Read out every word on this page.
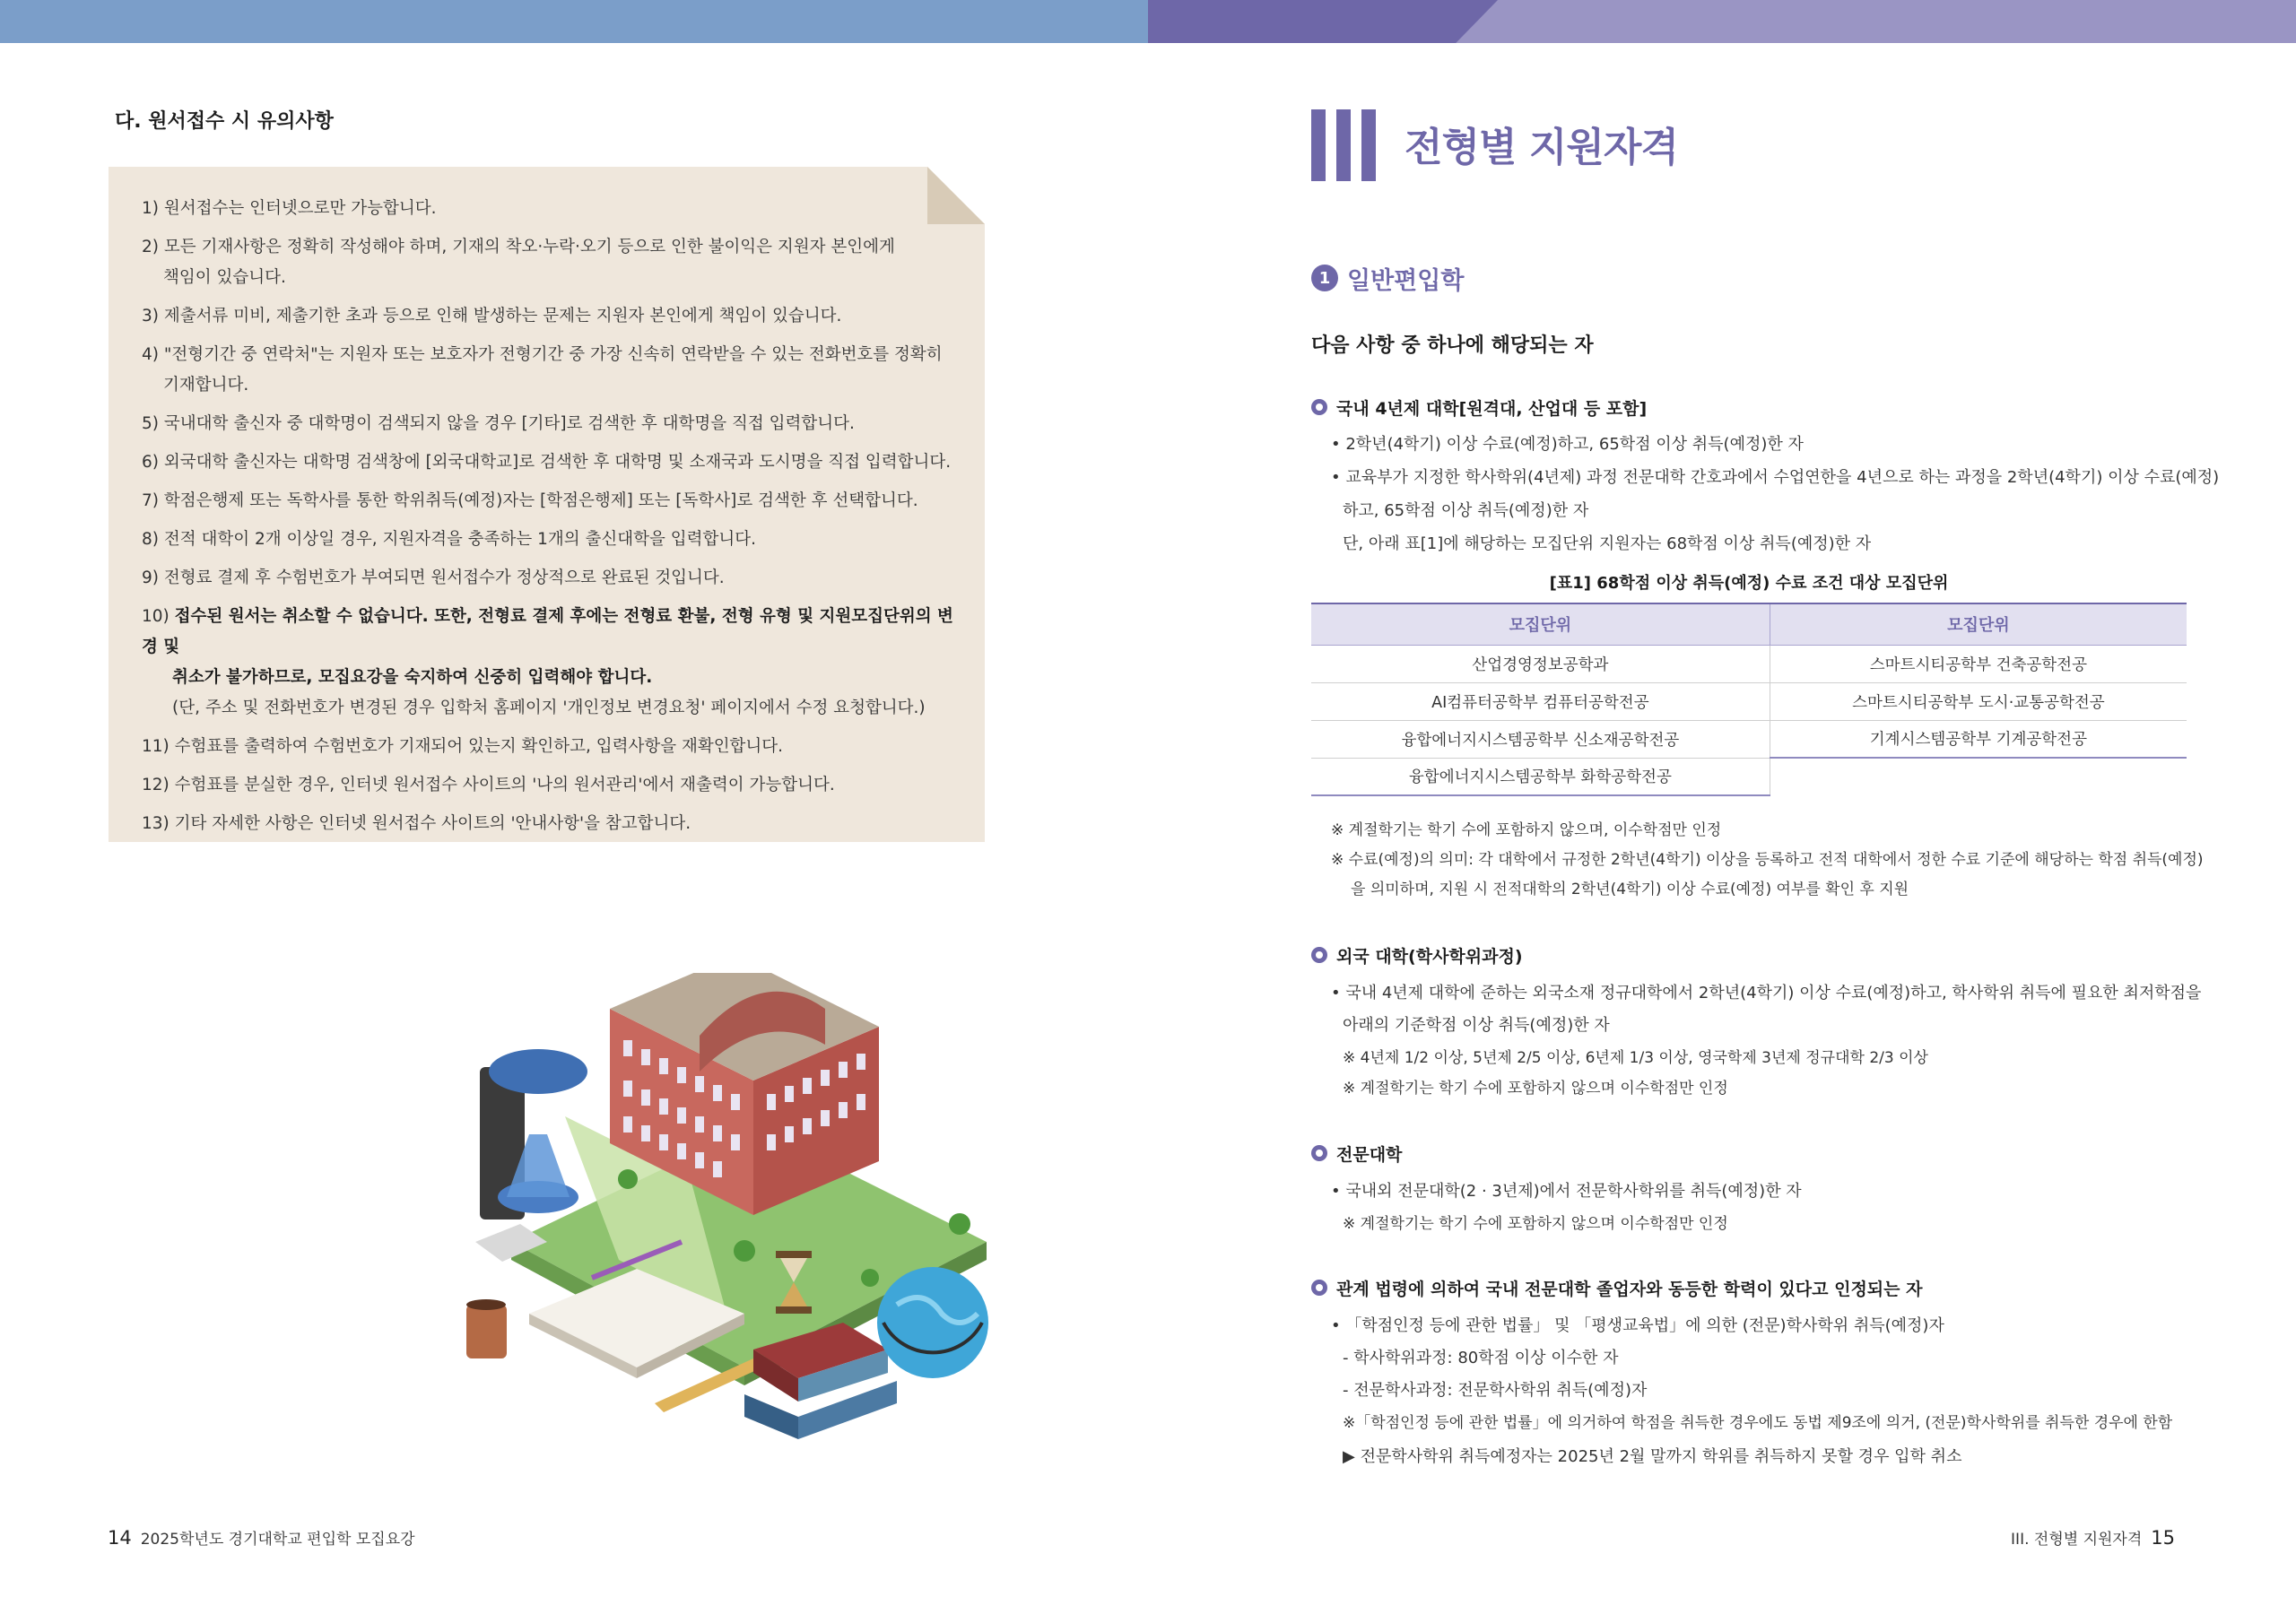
다. 원서접수 시 유의사항
1) 원서접수는 인터넷으로만 가능합니다.
2) 모든 기재사항은 정확히 작성해야 하며, 기재의 착오·누락·오기 등으로 인한 불이익은 지원자 본인에게
책임이 있습니다.
3) 제출서류 미비, 제출기한 초과 등으로 인해 발생하는 문제는 지원자 본인에게 책임이 있습니다.
4) "전형기간 중 연락처"는 지원자 또는 보호자가 전형기간 중 가장 신속히 연락받을 수 있는 전화번호를 정확히
기재합니다.
5) 국내대학 출신자 중 대학명이 검색되지 않을 경우 [기타]로 검색한 후 대학명을 직접 입력합니다.
6) 외국대학 출신자는 대학명 검색창에 [외국대학교]로 검색한 후 대학명 및 소재국과 도시명을 직접 입력합니다.
7) 학점은행제 또는 독학사를 통한 학위취득(예정)자는 [학점은행제] 또는 [독학사]로 검색한 후 선택합니다.
8) 전적 대학이 2개 이상일 경우, 지원자격을 충족하는 1개의 출신대학을 입력합니다.
9) 전형료 결제 후 수험번호가 부여되면 원서접수가 정상적으로 완료된 것입니다.
10) 접수된 원서는 취소할 수 없습니다. 또한, 전형료 결제 후에는 전형료 환불, 전형 유형 및 지원모집단위의 변경 및
취소가 불가하므로, 모집요강을 숙지하여 신중히 입력해야 합니다.
(단, 주소 및 전화번호가 변경된 경우 입학처 홈페이지 '개인정보 변경요청' 페이지에서 수정 요청합니다.)
11) 수험표를 출력하여 수험번호가 기재되어 있는지 확인하고, 입력사항을 재확인합니다.
12) 수험표를 분실한 경우, 인터넷 원서접수 사이트의 '나의 원서관리'에서 재출력이 가능합니다.
13) 기타 자세한 사항은 인터넷 원서접수 사이트의 '안내사항'을 참고합니다.
14 2025학년도 경기대학교 편입학 모집요강
전형별 지원자격
1 일반편입학
다음 사항 중 하나에 해당되는 자
국내 4년제 대학[원격대, 산업대 등 포함]
• 2학년(4학기) 이상 수료(예정)하고, 65학점 이상 취득(예정)한 자
• 교육부가 지정한 학사학위(4년제) 과정 전문대학 간호과에서 수업연한을 4년으로 하는 과정을 2학년(4학기) 이상 수료(예정)
하고, 65학점 이상 취득(예정)한 자
단, 아래 표[1]에 해당하는 모집단위 지원자는 68학점 이상 취득(예정)한 자
[표1] 68학점 이상 취득(예정) 수료 조건 대상 모집단위
모집단위	모집단위
산업경영정보공학과	스마트시티공학부 건축공학전공
AI컴퓨터공학부 컴퓨터공학전공	스마트시티공학부 도시·교통공학전공
융합에너지시스템공학부 신소재공학전공	기계시스템공학부 기계공학전공
융합에너지시스템공학부 화학공학전공	
※ 계절학기는 학기 수에 포함하지 않으며, 이수학점만 인정
※ 수료(예정)의 의미: 각 대학에서 규정한 2학년(4학기) 이상을 등록하고 전적 대학에서 정한 수료 기준에 해당하는 학점 취득(예정)
을 의미하며, 지원 시 전적대학의 2학년(4학기) 이상 수료(예정) 여부를 확인 후 지원
외국 대학(학사학위과정)
• 국내 4년제 대학에 준하는 외국소재 정규대학에서 2학년(4학기) 이상 수료(예정)하고, 학사학위 취득에 필요한 최저학점을
아래의 기준학점 이상 취득(예정)한 자
※ 4년제 1/2 이상, 5년제 2/5 이상, 6년제 1/3 이상, 영국학제 3년제 정규대학 2/3 이상
※ 계절학기는 학기 수에 포함하지 않으며 이수학점만 인정
전문대학
• 국내외 전문대학(2 · 3년제)에서 전문학사학위를 취득(예정)한 자
※ 계절학기는 학기 수에 포함하지 않으며 이수학점만 인정
관계 법령에 의하여 국내 전문대학 졸업자와 동등한 학력이 있다고 인정되는 자
• 「학점인정 등에 관한 법률」 및 「평생교육법」에 의한 (전문)학사학위 취득(예정)자
- 학사학위과정: 80학점 이상 이수한 자
- 전문학사과정: 전문학사학위 취득(예정)자
※「학점인정 등에 관한 법률」에 의거하여 학점을 취득한 경우에도 동법 제9조에 의거, (전문)학사학위를 취득한 경우에 한함
▶ 전문학사학위 취득예정자는 2025년 2월 말까지 학위를 취득하지 못할 경우 입학 취소
III. 전형별 지원자격 15
